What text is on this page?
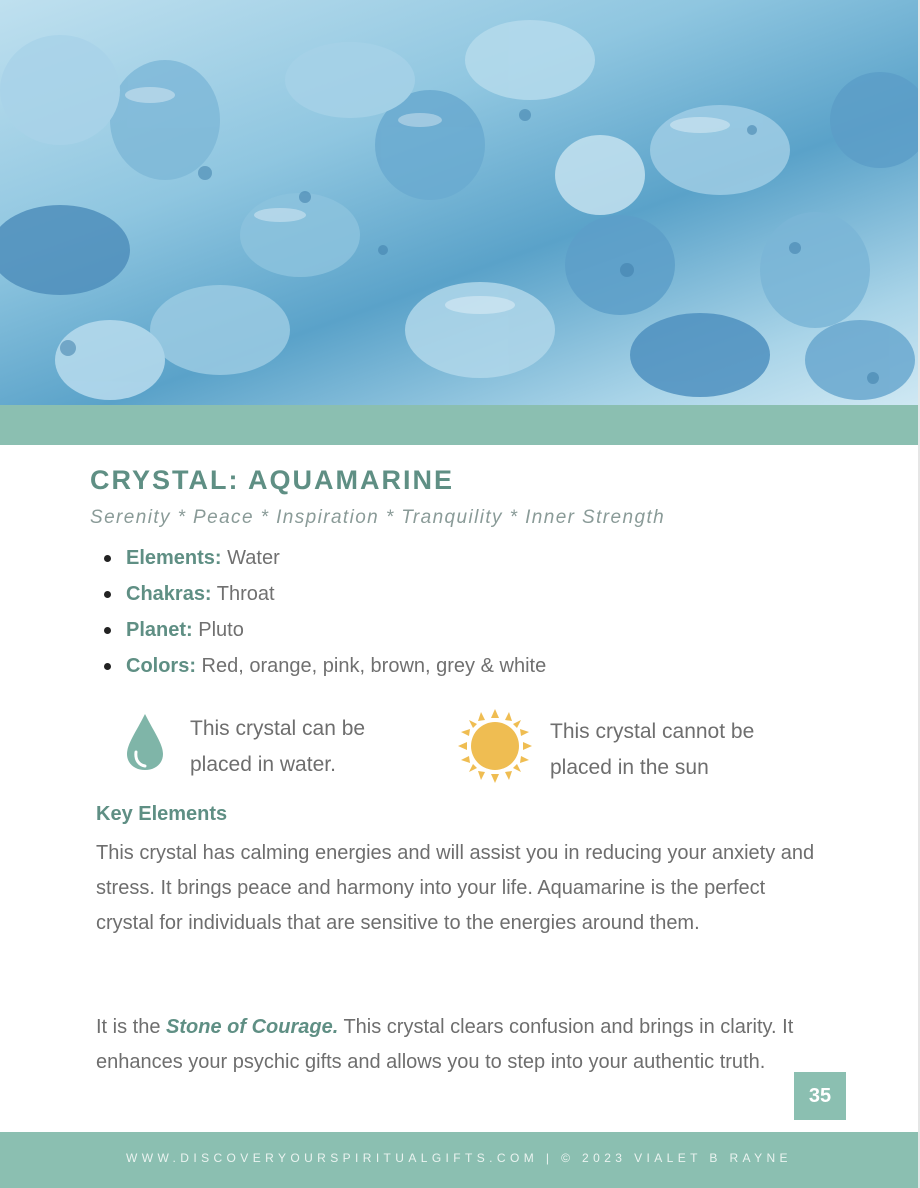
CRYSTAL: AQUAMARINE
Serenity * Peace * Inspiration * Tranquility * Inner Strength
Elements: Water
Chakras: Throat
Planet: Pluto
Colors: Red, orange, pink, brown, grey & white
This crystal can be placed in water.
This crystal cannot be placed in the sun
Key Elements

This crystal has calming energies and will assist you in reducing your anxiety and stress. It brings peace and harmony into your life. Aquamarine is the perfect crystal for individuals that are sensitive to the energies around them.

It is the Stone of Courage. This crystal clears confusion and brings in clarity. It enhances your psychic gifts and allows you to step into your authentic truth.

35
WWW.DISCOVERYOURSPIRITUALGIFTS.COM | © 2023 VIALET B RAYNE
